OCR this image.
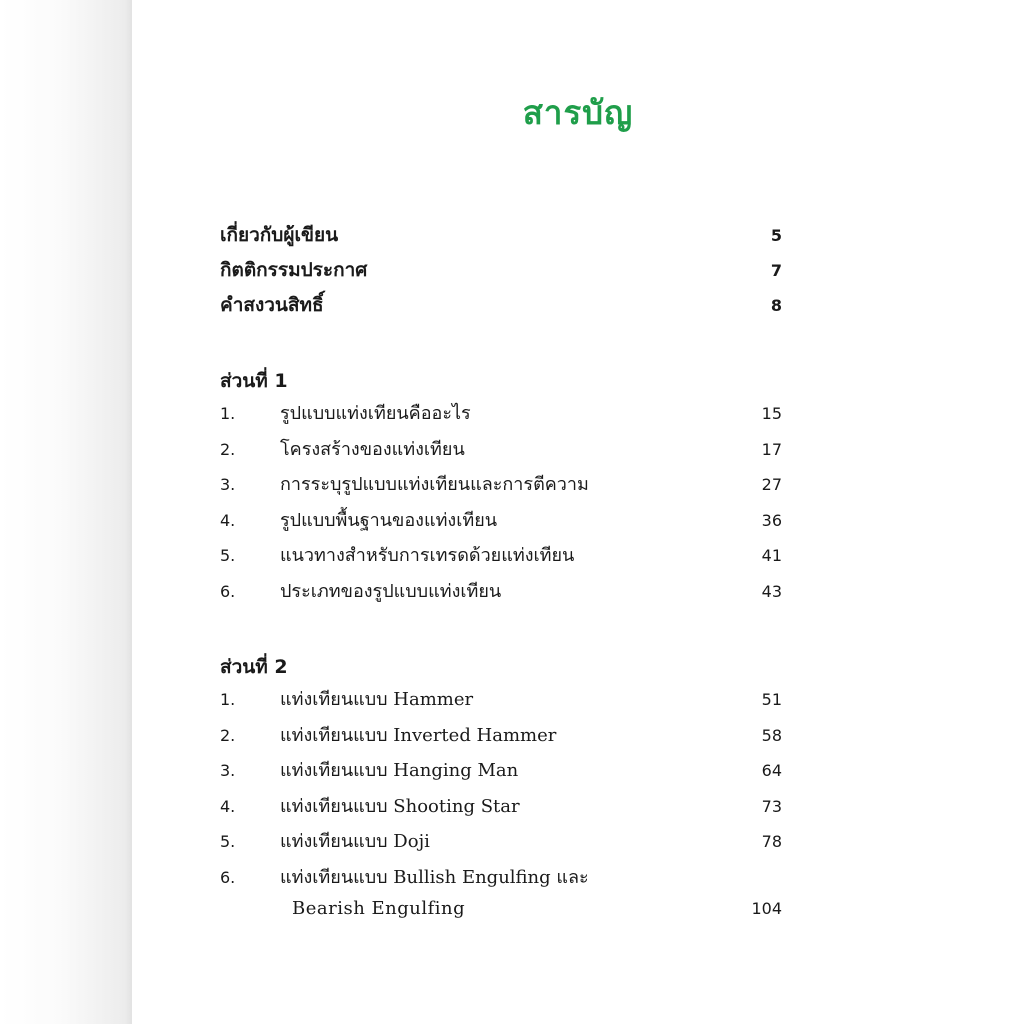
สารบัญ
เกี่ยวกับผู้เขียน	5
กิตติกรรมประกาศ	7
คำสงวนสิทธิ์	8
ส่วนที่ 1
1.	รูปแบบแท่งเทียนคืออะไร	15
2.	โครงสร้างของแท่งเทียน	17
3.	การระบุรูปแบบแท่งเทียนและการตีความ	27
4.	รูปแบบพื้นฐานของแท่งเทียน	36
5.	แนวทางสำหรับการเทรดด้วยแท่งเทียน	41
6.	ประเภทของรูปแบบแท่งเทียน	43
ส่วนที่ 2
1.	แท่งเทียนแบบ Hammer	51
2.	แท่งเทียนแบบ Inverted Hammer	58
3.	แท่งเทียนแบบ Hanging Man	64
4.	แท่งเทียนแบบ Shooting Star	73
5.	แท่งเทียนแบบ Doji	78
6.	แท่งเทียนแบบ Bullish Engulfing และ
Bearish Engulfing	104
